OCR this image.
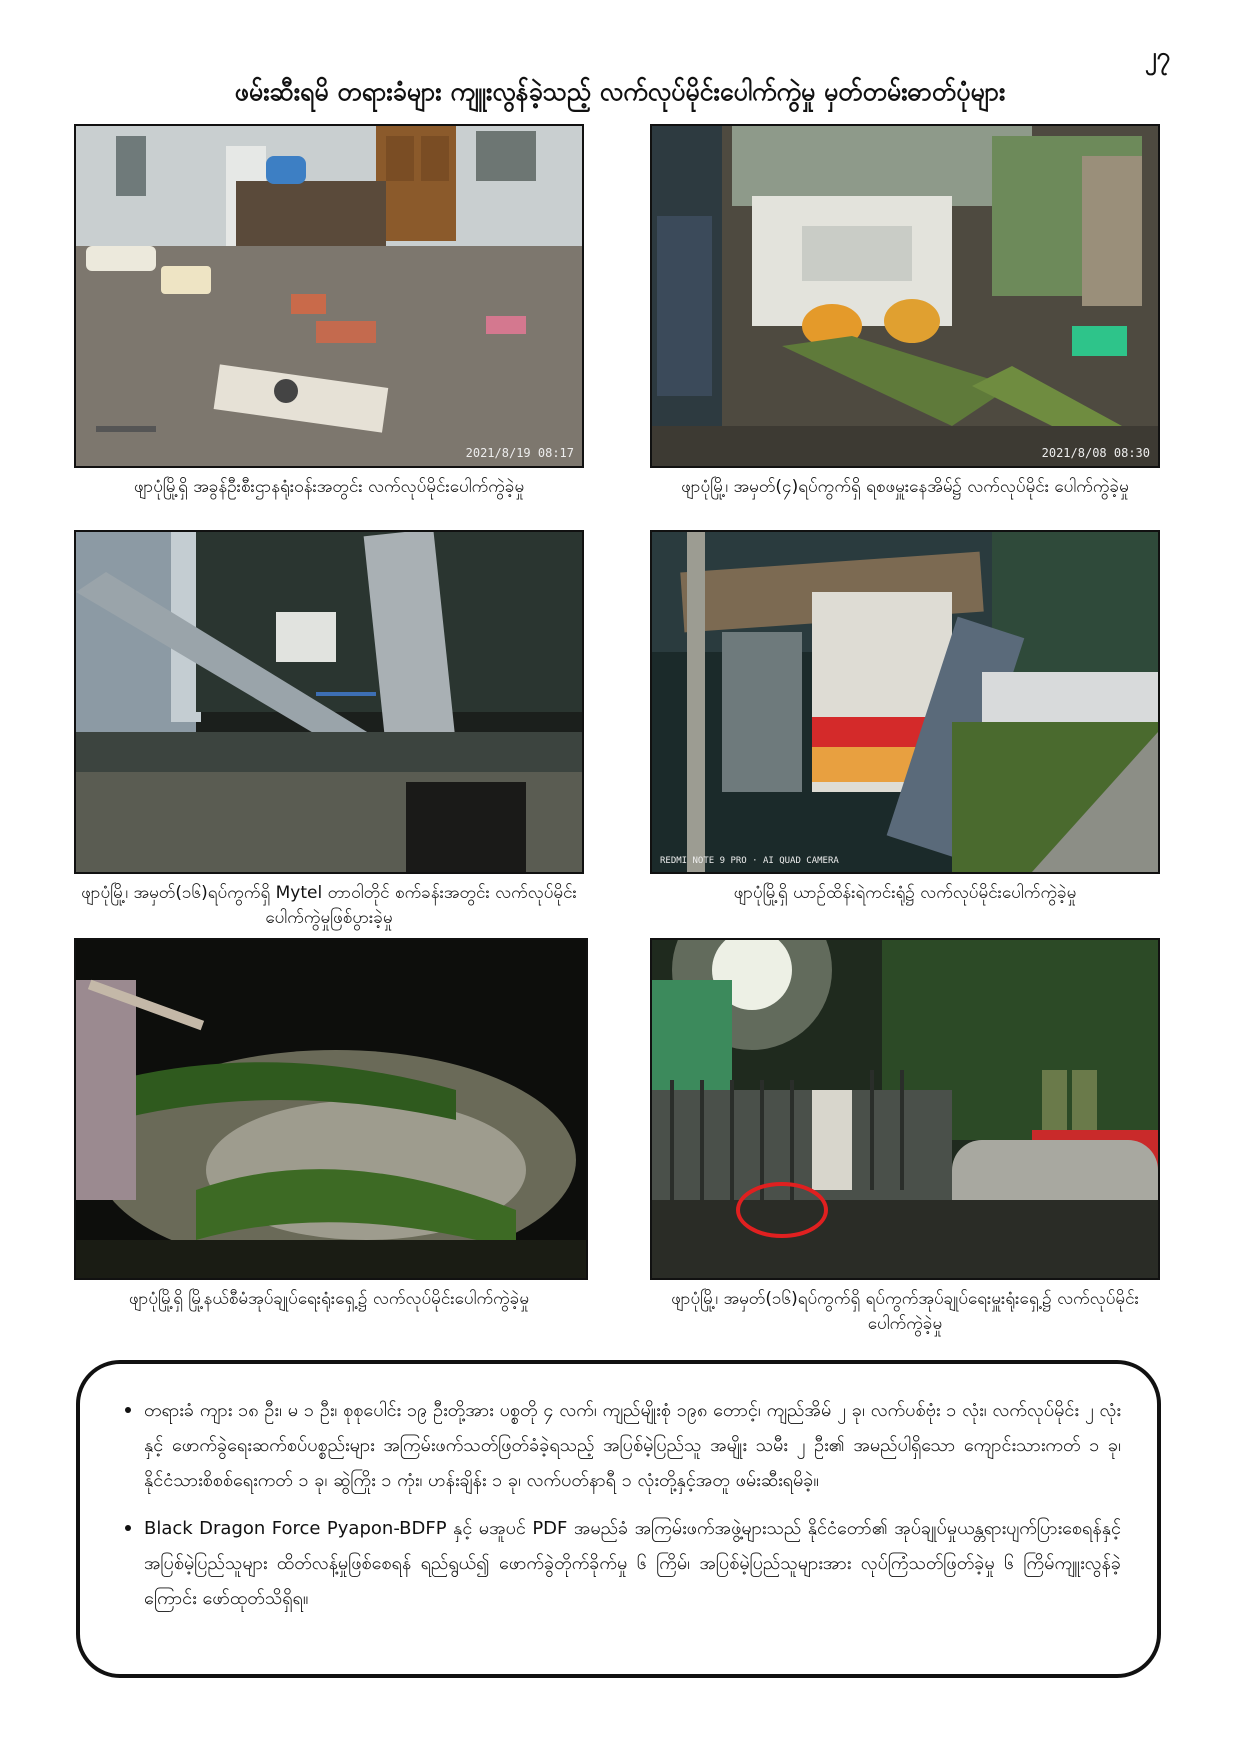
၂၇
ဖမ်းဆီးရမိ တရားခံများ ကျူးလွန်ခဲ့သည့် လက်လုပ်မိုင်းပေါက်ကွဲမှု မှတ်တမ်းဓာတ်ပုံများ
2021/8/19 08:17
ဖျာပုံမြို့ရှိ အခွန်ဦးစီးဌာနရုံးဝန်းအတွင်း လက်လုပ်မိုင်းပေါက်ကွဲခဲ့မှု
2021/8/08 08:30
ဖျာပုံမြို့၊ အမှတ်(၄)ရပ်ကွက်ရှိ ရစဖမှူးနေအိမ်၌ လက်လုပ်မိုင်း ပေါက်ကွဲခဲ့မှု
ဖျာပုံမြို့၊ အမှတ်(၁၆)ရပ်ကွက်ရှိ Mytel တာဝါတိုင် စက်ခန်းအတွင်း လက်လုပ်မိုင်း ပေါက်ကွဲမှုဖြစ်ပွားခဲ့မှု
REDMI NOTE 9 PRO · AI QUAD CAMERA
ဖျာပုံမြို့ရှိ ယာဉ်ထိန်းရဲကင်းရုံ၌ လက်လုပ်မိုင်းပေါက်ကွဲခဲ့မှု
ဖျာပုံမြို့ရှိ မြို့နယ်စီမံအုပ်ချုပ်ရေးရုံးရှေ့၌ လက်လုပ်မိုင်းပေါက်ကွဲခဲ့မှု	ဖျာပုံမြို့၊ အမှတ်(၁၆)ရပ်ကွက်ရှိ ရပ်ကွက်အုပ်ချုပ်ရေးမှူးရုံးရှေ့၌ လက်လုပ်မိုင်းပေါက်ကွဲခဲ့မှု
• တရားခံ ကျား ၁၈ ဦး၊ မ ၁ ဦး၊ စုစုပေါင်း ၁၉ ဦးတို့အား ပစ္စတို ၄ လက်၊ ကျည်မျိုးစုံ ၁၉၈ တောင့်၊ ကျည်အိမ် ၂ ခု၊ လက်ပစ်ဗုံး ၁ လုံး၊ လက်လုပ်မိုင်း ၂ လုံးနှင့် ဖောက်ခွဲရေးဆက်စပ်ပစ္စည်းများ အကြမ်းဖက်သတ်ဖြတ်ခံခဲ့ရသည့် အပြစ်မဲ့ပြည်သူ အမျိုး သမီး ၂ ဦး၏ အမည်ပါရှိသော ကျောင်းသားကတ် ၁ ခု၊ နိုင်ငံသားစိစစ်ရေးကတ် ၁ ခု၊ ဆွဲကြိုး ၁ ကုံး၊ ဟန်းချိန်း ၁ ခု၊ လက်ပတ်နာရီ ၁ လုံးတို့နှင့်အတူ ဖမ်းဆီးရမိခဲ့။
• Black Dragon Force Pyapon-BDFP နှင့် မအူပင် PDF အမည်ခံ အကြမ်းဖက်အဖွဲ့များသည် နိုင်ငံတော်၏ အုပ်ချုပ်မှုယန္တရားပျက်ပြားစေရန်နှင့် အပြစ်မဲ့ပြည်သူများ ထိတ်လန့်မှုဖြစ်စေရန် ရည်ရွယ်၍ ဖောက်ခွဲတိုက်ခိုက်မှု ၆ ကြိမ်၊ အပြစ်မဲ့ပြည်သူများအား လုပ်ကြံသတ်ဖြတ်ခဲ့မှု ၆ ကြိမ်ကျူးလွန်ခဲ့ကြောင်း ဖော်ထုတ်သိရှိရ။
